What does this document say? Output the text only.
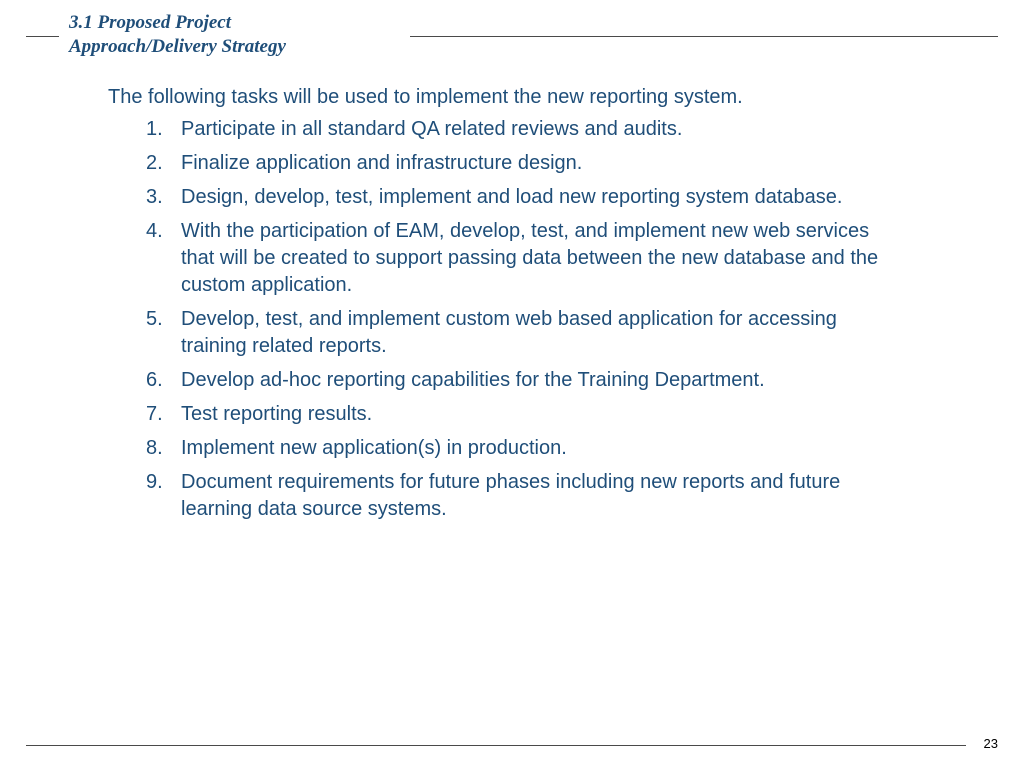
3.1 Proposed Project
Approach/Delivery Strategy

The following tasks will be used to implement the new reporting system.

1. Participate in all standard QA related reviews and audits.
2. Finalize application and infrastructure design.
3. Design, develop, test, implement and load new reporting system database.
4. With the participation of EAM, develop, test, and implement new web services that will be created to support passing data between the new database and the custom application.
5. Develop, test, and implement custom web based application for accessing training related reports.
6. Develop ad-hoc reporting capabilities for the Training Department.
7. Test reporting results.
8. Implement new application(s) in production.
9. Document requirements for future phases including new reports and future learning data source systems.
23
